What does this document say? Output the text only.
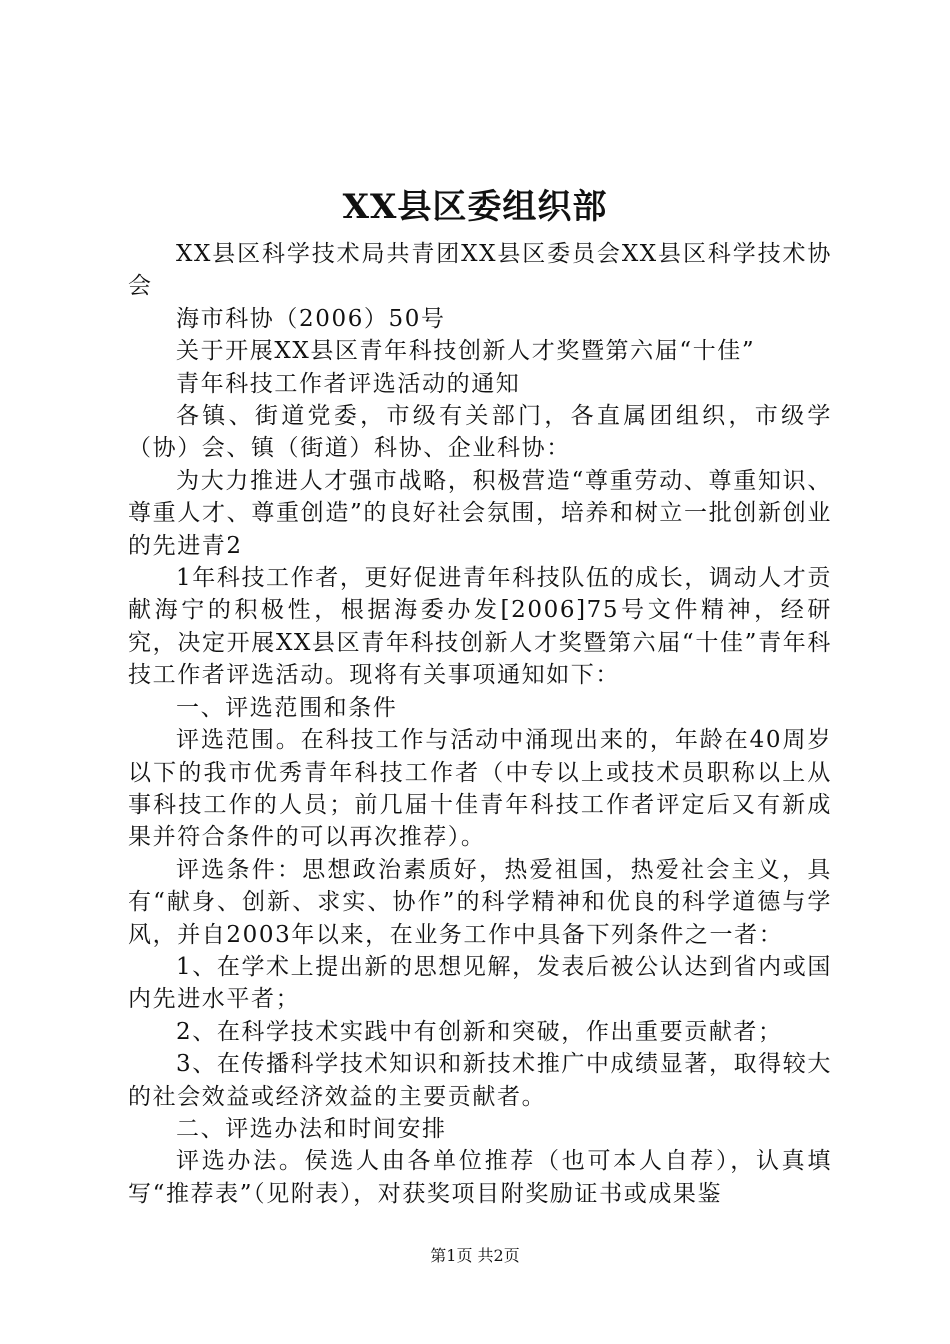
XX县区委组织部

XX县区科学技术局共青团XX县区委员会XX县区科学技术协会

海市科协（2006）50号

关于开展XX县区青年科技创新人才奖暨第六届“十佳”

青年科技工作者评选活动的通知

各镇、街道党委，市级有关部门，各直属团组织，市级学（协）会、镇（街道）科协、企业科协：

为大力推进人才强市战略，积极营造“尊重劳动、尊重知识、尊重人才、尊重创造”的良好社会氛围，培养和树立一批创新创业的先进青2

1年科技工作者，更好促进青年科技队伍的成长，调动人才贡献海宁的积极性，根据海委办发[2006]75号文件精神，经研究，决定开展XX县区青年科技创新人才奖暨第六届“十佳”青年科技工作者评选活动。现将有关事项通知如下：

一、评选范围和条件

评选范围。在科技工作与活动中涌现出来的，年龄在40周岁以下的我市优秀青年科技工作者（中专以上或技术员职称以上从事科技工作的人员；前几届十佳青年科技工作者评定后又有新成果并符合条件的可以再次推荐）。

评选条件：思想政治素质好，热爱祖国，热爱社会主义，具有“献身、创新、求实、协作”的科学精神和优良的科学道德与学风，并自2003年以来，在业务工作中具备下列条件之一者：

1、在学术上提出新的思想见解，发表后被公认达到省内或国内先进水平者；

2、在科学技术实践中有创新和突破，作出重要贡献者；

3、在传播科学技术知识和新技术推广中成绩显著，取得较大的社会效益或经济效益的主要贡献者。

二、评选办法和时间安排

评选办法。侯选人由各单位推荐（也可本人自荐），认真填写“推荐表”（见附表），对获奖项目附奖励证书或成果鉴

第1页 共2页
